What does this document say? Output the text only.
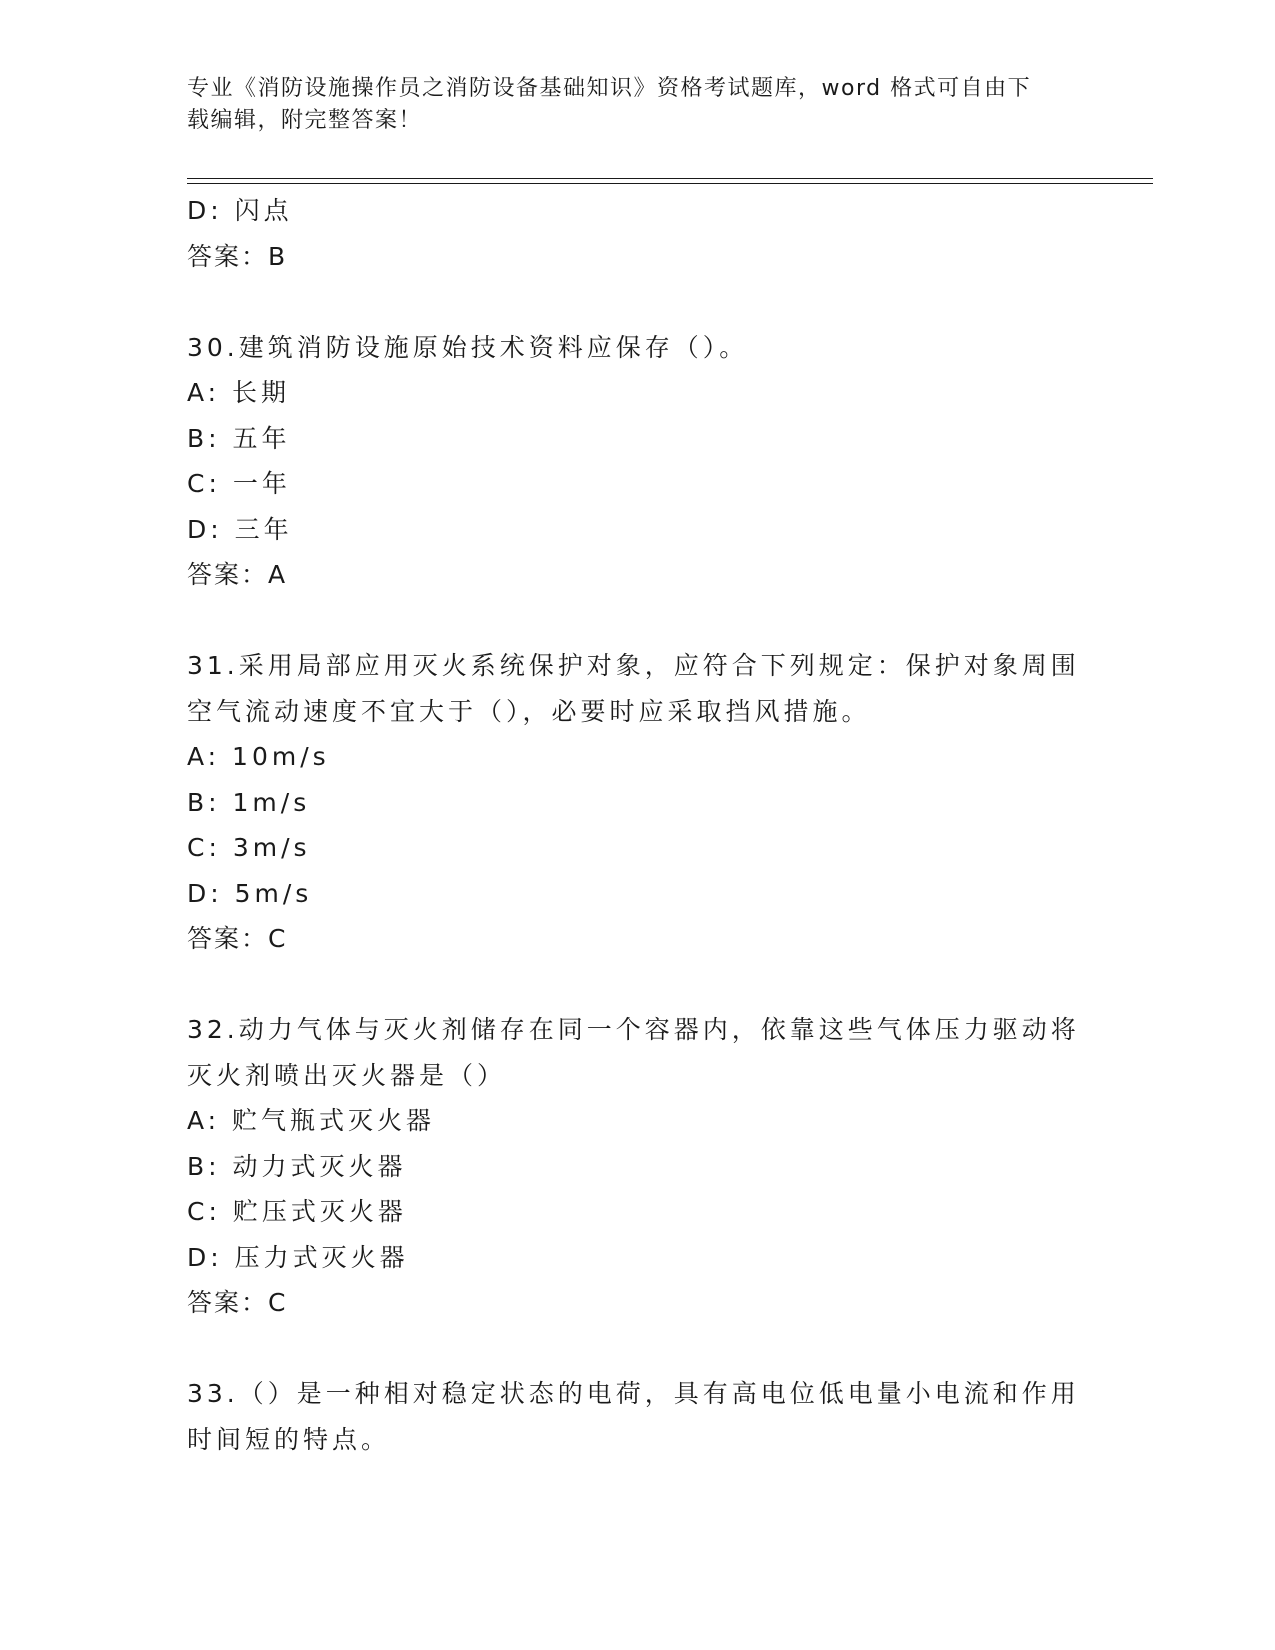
专业《消防设施操作员之消防设备基础知识》资格考试题库，word 格式可自由下
载编辑，附完整答案！
D: 闪点
答案：B
30.建筑消防设施原始技术资料应保存（）。
A: 长期
B: 五年
C: 一年
D: 三年
答案：A
31.采用局部应用灭火系统保护对象，应符合下列规定：保护对象周围
空气流动速度不宜大于（），必要时应采取挡风措施。
A: 10m/s
B: 1m/s
C: 3m/s
D: 5m/s
答案：C
32.动力气体与灭火剂储存在同一个容器内，依靠这些气体压力驱动将
灭火剂喷出灭火器是（）
A: 贮气瓶式灭火器
B: 动力式灭火器
C: 贮压式灭火器
D: 压力式灭火器
答案：C
33.（）是一种相对稳定状态的电荷，具有高电位低电量小电流和作用
时间短的特点。
